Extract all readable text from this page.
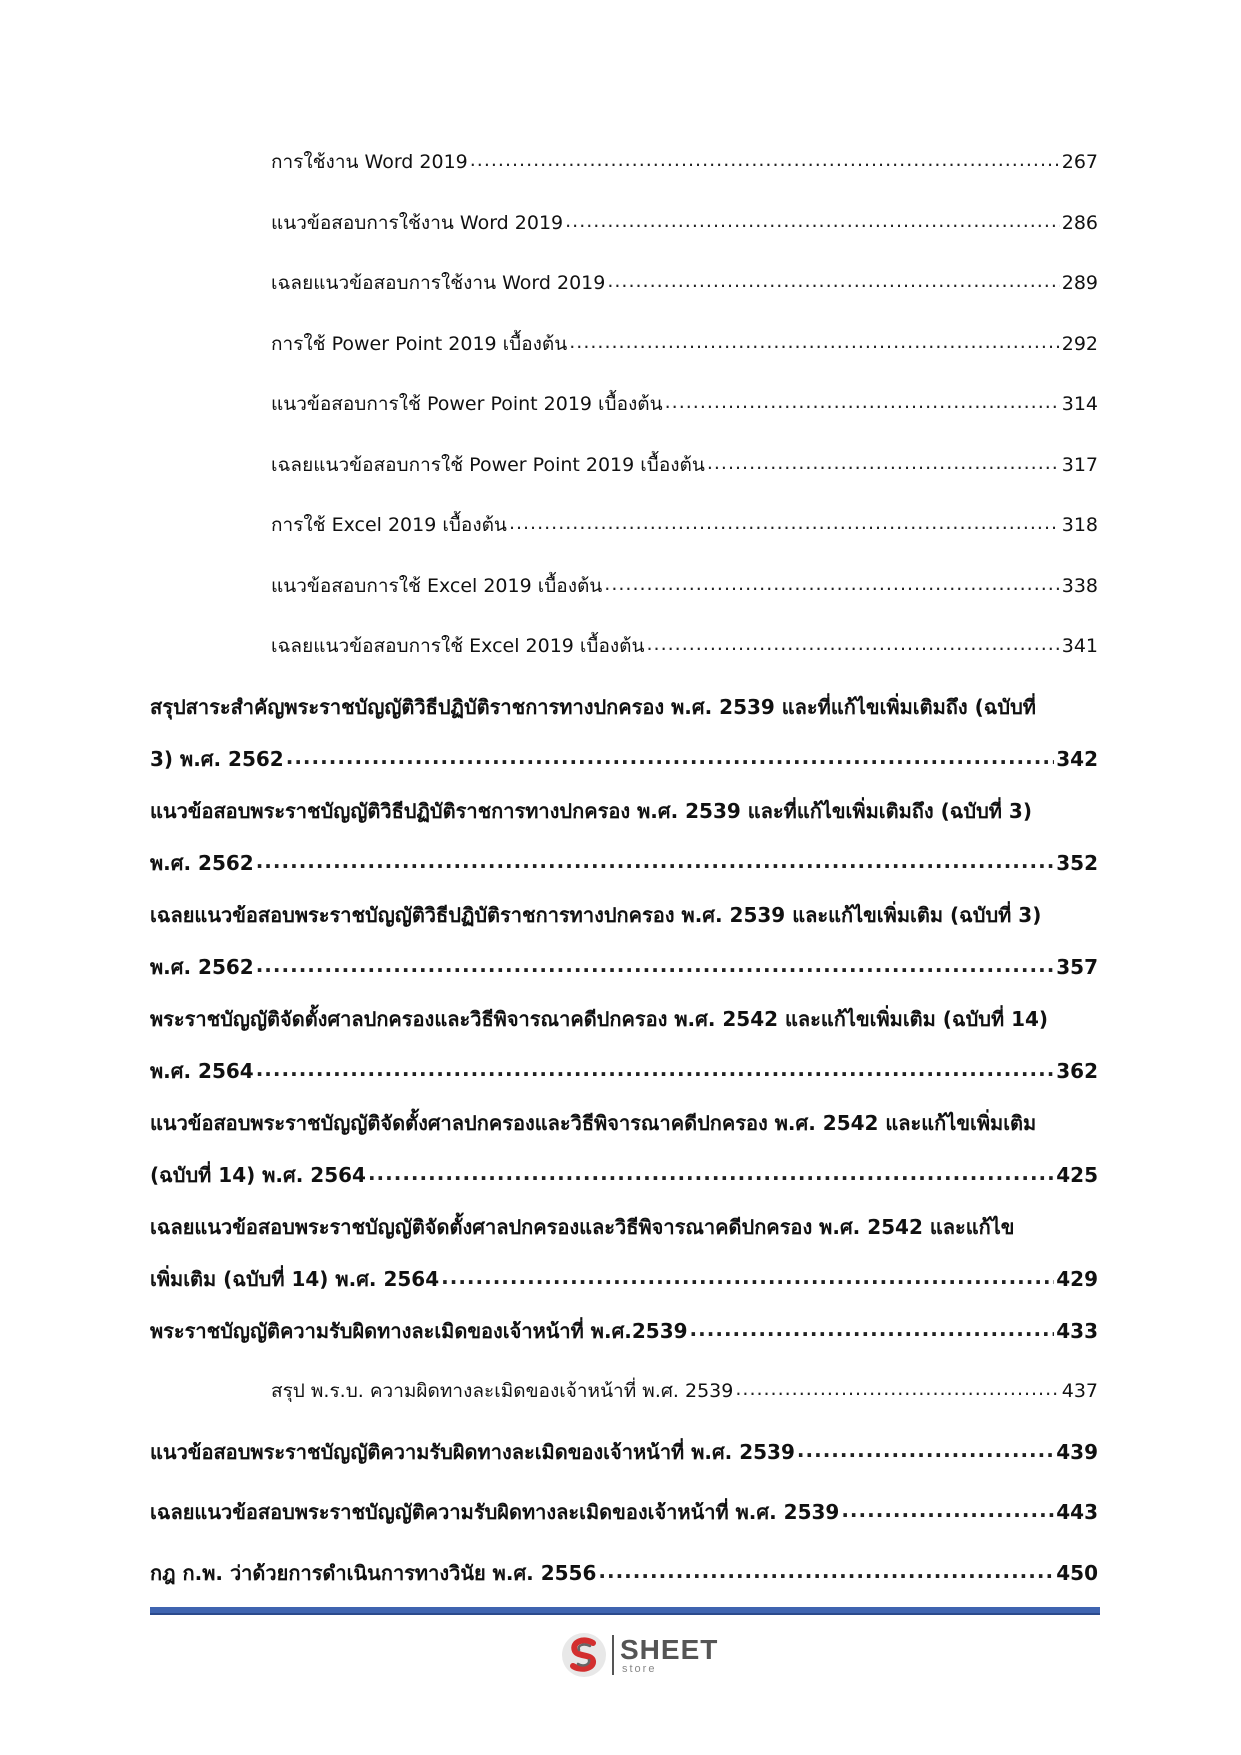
การใช้งาน Word 2019 .....	267
แนวข้อสอบการใช้งาน Word 2019 .....	286
เฉลยแนวข้อสอบการใช้งาน Word 2019 .....	289
การใช้ Power Point 2019 เบื้องต้น .....	292
แนวข้อสอบการใช้ Power Point 2019 เบื้องต้น .....	314
เฉลยแนวข้อสอบการใช้ Power Point 2019 เบื้องต้น .....	317
การใช้ Excel 2019 เบื้องต้น .....	318
แนวข้อสอบการใช้ Excel 2019 เบื้องต้น .....	338
เฉลยแนวข้อสอบการใช้ Excel 2019 เบื้องต้น .....	341
สรุปสาระสำคัญพระราชบัญญัติวิธีปฏิบัติราชการทางปกครอง พ.ศ. 2539 และที่แก้ไขเพิ่มเติมถึง (ฉบับที่
3) พ.ศ. 2562 .....	342
แนวข้อสอบพระราชบัญญัติวิธีปฏิบัติราชการทางปกครอง พ.ศ. 2539 และที่แก้ไขเพิ่มเติมถึง (ฉบับที่ 3)
พ.ศ. 2562 .....	352
เฉลยแนวข้อสอบพระราชบัญญัติวิธีปฏิบัติราชการทางปกครอง พ.ศ. 2539 และแก้ไขเพิ่มเติม (ฉบับที่ 3)
พ.ศ. 2562 .....	357
พระราชบัญญัติจัดตั้งศาลปกครองและวิธีพิจารณาคดีปกครอง พ.ศ. 2542 และแก้ไขเพิ่มเติม (ฉบับที่ 14)
พ.ศ. 2564 .....	362
แนวข้อสอบพระราชบัญญัติจัดตั้งศาลปกครองและวิธีพิจารณาคดีปกครอง พ.ศ. 2542 และแก้ไขเพิ่มเติม
(ฉบับที่ 14) พ.ศ. 2564 .....	425
เฉลยแนวข้อสอบพระราชบัญญัติจัดตั้งศาลปกครองและวิธีพิจารณาคดีปกครอง พ.ศ. 2542 และแก้ไข
เพิ่มเติม (ฉบับที่ 14) พ.ศ. 2564 .....	429
พระราชบัญญัติความรับผิดทางละเมิดของเจ้าหน้าที่ พ.ศ.2539 .....	433
สรุป พ.ร.บ. ความผิดทางละเมิดของเจ้าหน้าที่ พ.ศ. 2539 .....	437
แนวข้อสอบพระราชบัญญัติความรับผิดทางละเมิดของเจ้าหน้าที่ พ.ศ. 2539 .....	439
เฉลยแนวข้อสอบพระราชบัญญัติความรับผิดทางละเมิดของเจ้าหน้าที่ พ.ศ. 2539 .....	443
กฎ ก.พ. ว่าด้วยการดำเนินการทางวินัย พ.ศ. 2556 .....	450
SHEET
store
